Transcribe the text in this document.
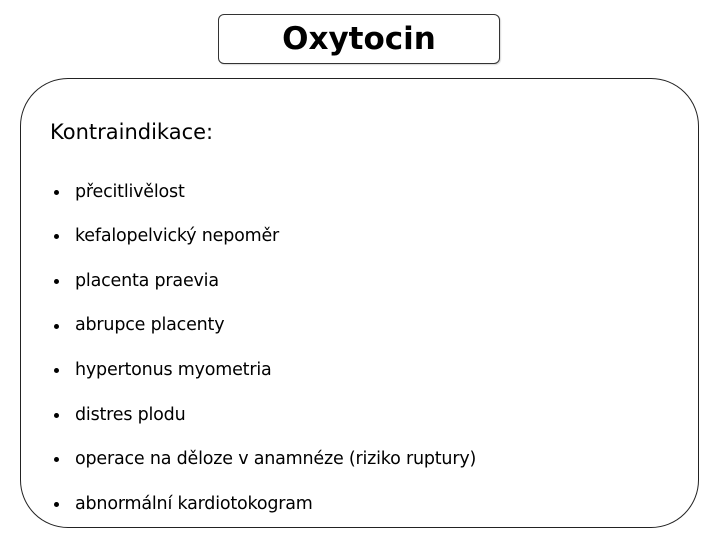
Oxytocin
Kontraindikace:
přecitlivělost
kefalopelvický nepoměr
placenta praevia
abrupce placenty
hypertonus myometria
distres plodu
operace na děloze v anamnéze (riziko ruptury)
abnormální kardiotokogram
